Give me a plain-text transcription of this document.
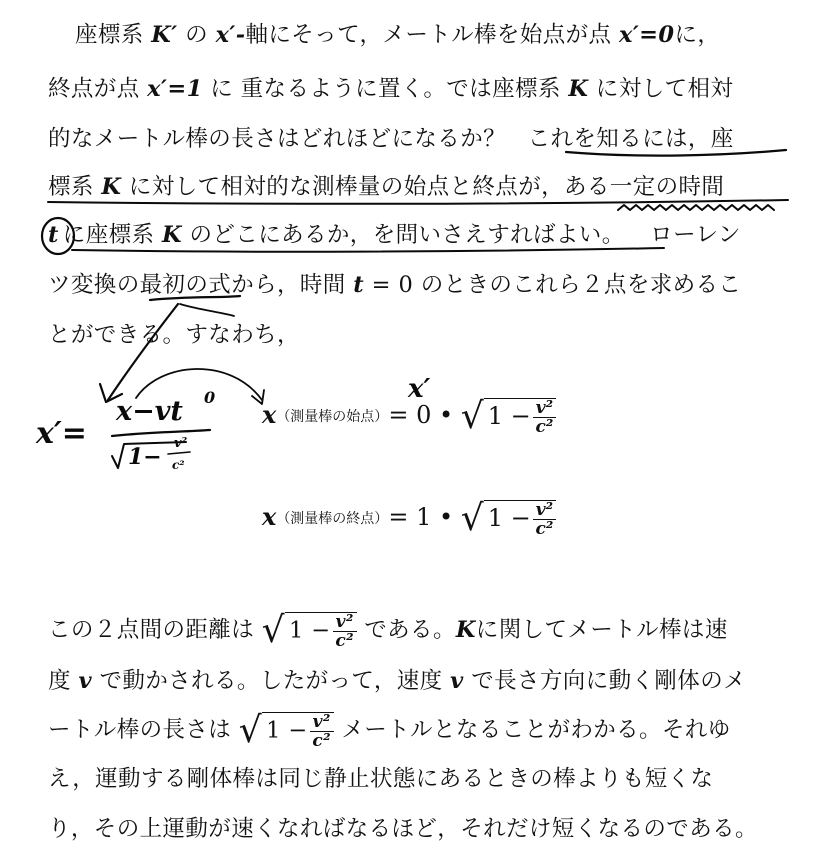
座標系 K′ の x′-軸にそって，メートル棒を始点が点 x′=0に，
終点が点 x′=1 に 重なるように置く。では座標系 K に対して相対
的なメートル棒の長さはどれほどになるか？ これを知るには，座
標系 K に対して相対的な測棒量の始点と終点が，ある一定の時間
t に座標系 K のどこにあるか，を問いさえすればよい。 ローレン
ツ変換の最初の式から，時間 t = 0 のときのこれら２点を求めるこ
とができる。すなわち，
x（測量棒の始点）= 0 • √ $1 - \frac{\text{v²}}{\text{c²}}$
x（測量棒の終点）= 1 • √ $1 - \frac{\text{v²}}{\text{c²}}$
x′=
x−vt 0
1−
v²
c²
x′
この２点間の距離は √ $1 - \frac{\text{v²}}{\text{c²}}$ である。Kに関してメートル棒は速
度 v で動かされる。したがって，速度 v で長さ方向に動く剛体のメ
ートル棒の長さは √ $1 - \frac{\text{v²}}{\text{c²}}$ メートルとなることがわかる。それゆ
え，運動する剛体棒は同じ静止状態にあるときの棒よりも短くな
り，その上運動が速くなればなるほど，それだけ短くなるのである。
